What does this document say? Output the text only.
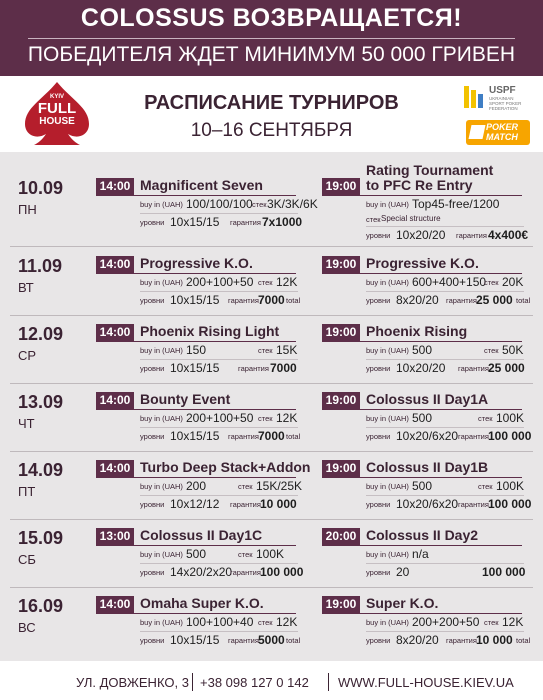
COLOSSUS ВОЗВРАЩАЕТСЯ!
ПОБЕДИТЕЛЯ ЖДЕТ МИНИМУМ 50 000 ГРИВЕН
KYIV
FULL
HOUSE
РАСПИСАНИЕ ТУРНИРОВ
10–16 СЕНТЯБРЯ
USPF
UKRAINIAN SPORT POKER FEDERATION
POKER
MATCH
10.09
ПН
14:00 Magnificent Seven
buy in (UAH) 100/100/100 стек 3K/3K/6K
уровни 10x15/15 гарантия 7x1000
19:00
Rating Tournament
to PFC Re Entry
buy in (UAH) Top45-free/1200
стек Special structure
уровни 10x20/20 гарантия 4x400€
11.09
ВТ
14:00 Progressive K.O.
buy in (UAH) 200+100+50 стек 12K
уровни 10x15/15 гарантия 7000 total
19:00 Progressive K.O.
buy in (UAH) 600+400+150
стек 20K
уровни 8x20/20 гарантия 25 000 total
12.09
СР
14:00 Phoenix Rising Light
buy in (UAH) 150	стек 15K
уровни 10x15/15 гарантия 7000
19:00 Phoenix Rising
buy in (UAH) 500	стек 50K
уровни 10x20/20 гарантия 25 000
13.09
ЧТ
14:00 Bounty Event
buy in (UAH) 200+100+50 стек 12K
уровни 10x15/15 гарантия 7000 total
19:00 Colossus II Day1A
buy in (UAH) 500	стек 100K
уровни 10x20/6x20 гарантия 100 000
14.09
ПТ
14:00 Turbo Deep Stack+Addon
buy in (UAH) 200	стек 15K/25K
уровни 10x12/12 гарантия 10 000
19:00 Colossus II Day1B
buy in (UAH) 500	стек 100K
уровни 10x20/6x20 гарантия 100 000
15.09
СБ
13:00 Colossus II Day1C
buy in (UAH) 500	стек 100K
уровни 14x20/2x20
гарантия 100 000
20:00 Colossus II Day2
buy in (UAH) n/a
уровни 20	100 000
16.09
ВС
14:00 Omaha Super K.O.
buy in (UAH) 100+100+40 стек 12K
уровни 10x15/15 гарантия 5000 total
19:00 Super K.O.
buy in (UAH) 200+200+50 стек 12K
уровни 8x20/20 гарантия 10 000 total
УЛ. ДОВЖЕНКО, 3 +38 098 127 0 142 WWW.FULL-HOUSE.KIEV.UA
